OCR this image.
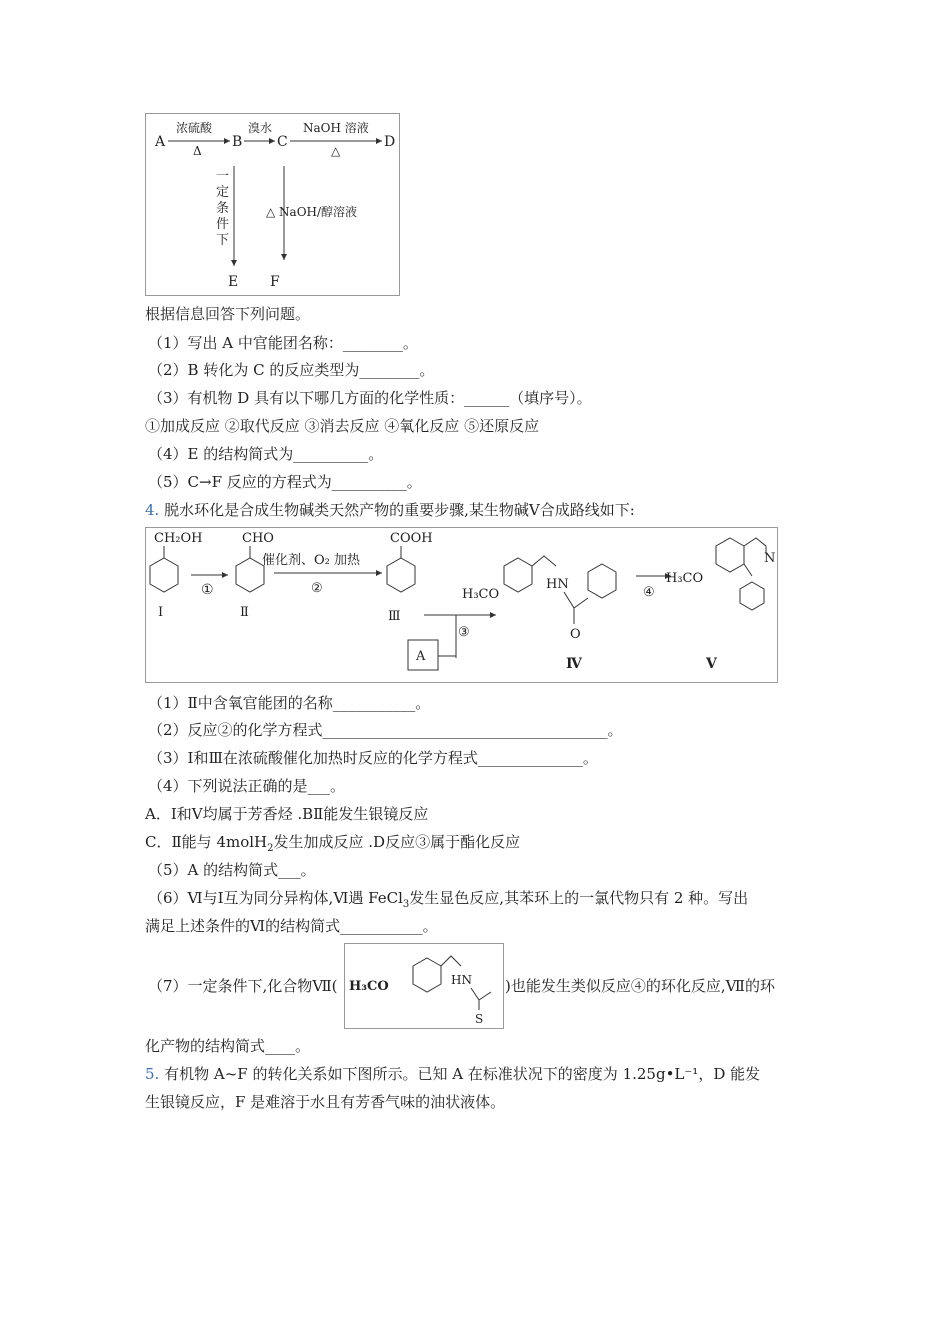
A	B C	D
E F
浓硫酸
Δ
溴水	NaOH 溶液
△
一
定
条
件
下
△ NaOH/醇溶液
根据信息回答下列问题。
（1）写出 A 中官能团名称：________。
（2）B 转化为 C 的反应类型为________。
（3）有机物 D 具有以下哪几方面的化学性质：______（填序号）。
①加成反应 ②取代反应 ③消去反应 ④氧化反应 ⑤还原反应
（4）E 的结构简式为__________。
（5）C→F 反应的方程式为__________。
4. 脱水环化是合成生物碱类天然产物的重要步骤,某生物碱Ⅴ合成路线如下:
CH₂OH
Ⅰ
①
CHO
Ⅱ
催化剂、O₂ 加热
②
COOH
Ⅲ
③
A
H₃CO
HN
O
Ⅳ
④
H₃CO
N
Ⅴ
（1）Ⅱ中含氧官能团的名称___________。
（2）反应②的化学方程式______________________________________。
（3）Ⅰ和Ⅲ在浓硫酸催化加热时反应的化学方程式______________。
（4）下列说法正确的是___。
A．Ⅰ和Ⅴ均属于芳香烃 .BⅡ能发生银镜反应
C．Ⅱ能与 4molH$_2$发生加成反应 .D反应③属于酯化反应
（5）A 的结构简式___。
（6）Ⅵ与Ⅰ互为同分异构体,Ⅵ遇 FeCl$_3$发生显色反应,其苯环上的一氯代物只有 2 种。写出
满足上述条件的Ⅵ的结构简式___________。
（7）一定条件下,化合物Ⅶ( H₃CO	HN
S
)也能发生类似反应④的环化反应,Ⅶ的环
化产物的结构简式____。
5. 有机物 A~F 的转化关系如下图所示。已知 A 在标准状况下的密度为 1.25g•L⁻¹，D 能发
生银镜反应，F 是难溶于水且有芳香气味的油状液体。
